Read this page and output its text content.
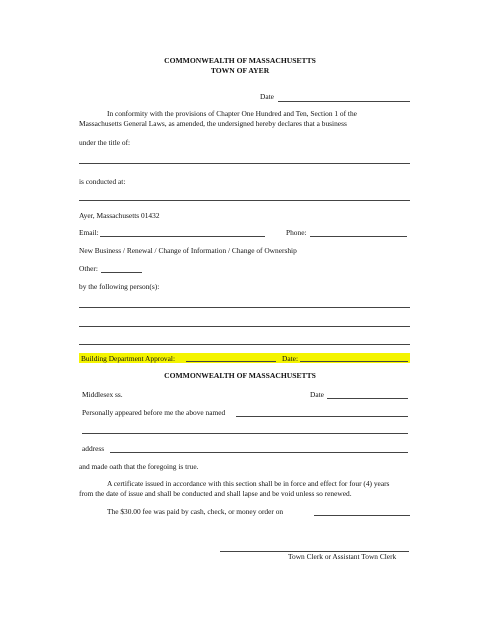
COMMONWEALTH OF MASSACHUSETTS
TOWN OF AYER
Date
In conformity with the provisions of Chapter One Hundred and Ten, Section 1 of the
Massachusetts General Laws, as amended, the undersigned hereby declares that a business
under the title of:
is conducted at:
Ayer, Massachusetts 01432
Email:	Phone:
New Business / Renewal / Change of Information / Change of Ownership
Other:
by the following person(s):
Building Department Approval:	Date:
COMMONWEALTH OF MASSACHUSETTS
Middlesex ss.	Date
Personally appeared before me the above named
address
and made oath that the foregoing is true.
A certificate issued in accordance with this section shall be in force and effect for four (4) years
from the date of issue and shall be conducted and shall lapse and be void unless so renewed.
The $30.00 fee was paid by cash, check, or money order on
Town Clerk or Assistant Town Clerk
